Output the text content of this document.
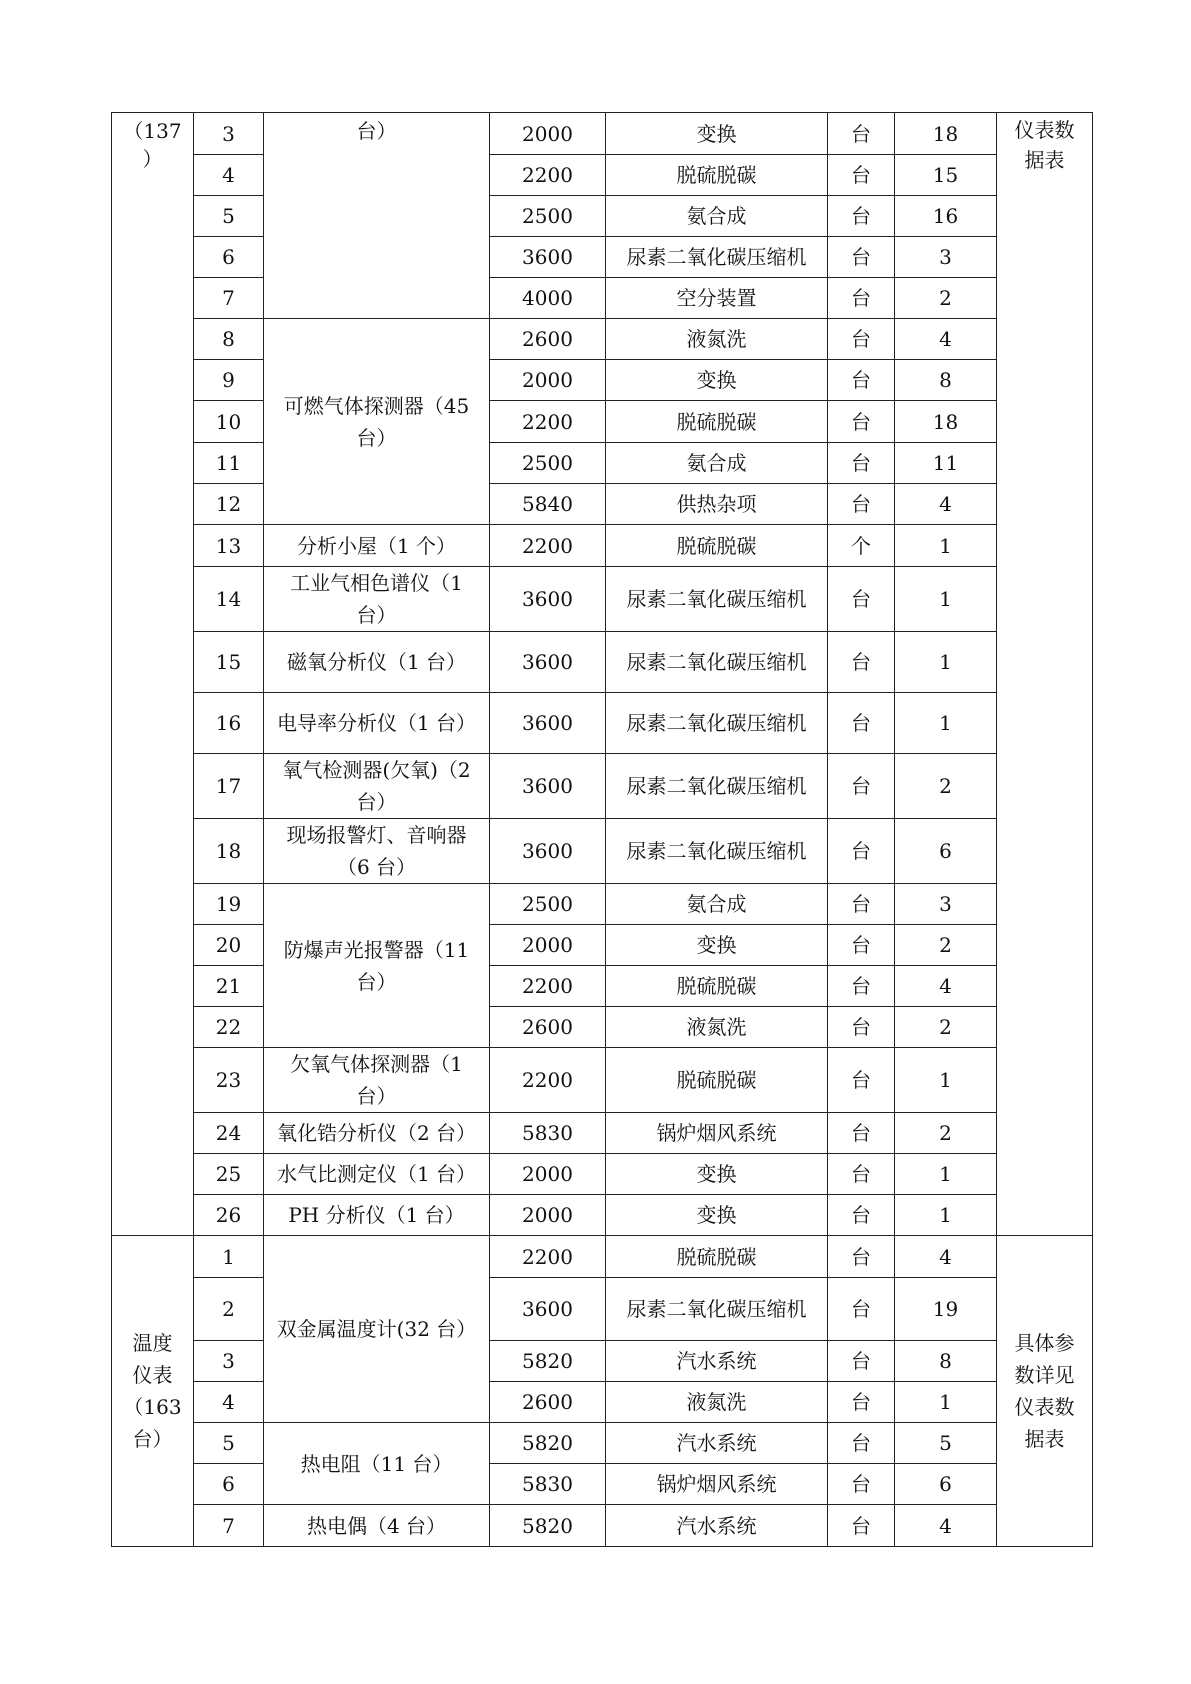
（137
）	3	台）	2000	变换	台	18	仪表数
据表
	4		2200	脱硫脱碳	台	15	
	5		2500	氨合成	台	16	
	6		3600	尿素二氧化碳压缩机	台	3	
	7		4000	空分装置	台	2	
	8	可燃气体探测器（45
台）	2600	液氮洗	台	4	
	9		2000	变换	台	8	
	10		2200	脱硫脱碳	台	18	
	11		2500	氨合成	台	11	
	12		5840	供热杂项	台	4	
	13	分析小屋（1 个）	2200	脱硫脱碳	个	1	
	14	工业气相色谱仪（1
台）	3600	尿素二氧化碳压缩机	台	1	
	15	磁氧分析仪（1 台）	3600	尿素二氧化碳压缩机	台	1	
	16	电导率分析仪（1 台）	3600	尿素二氧化碳压缩机	台	1	
	17	氧气检测器(欠氧)（2
台）	3600	尿素二氧化碳压缩机	台	2	
	18	现场报警灯、音响器
（6 台）	3600	尿素二氧化碳压缩机	台	6	
	19	防爆声光报警器（11
台）	2500	氨合成	台	3	
	20		2000	变换	台	2	
	21		2200	脱硫脱碳	台	4	
	22		2600	液氮洗	台	2	
	23	欠氧气体探测器（1
台）	2200	脱硫脱碳	台	1	
	24	氧化锆分析仪（2 台）	5830	锅炉烟风系统	台	2	
	25	水气比测定仪（1 台）	2000	变换	台	1	
	26	PH 分析仪（1 台）	2000	变换	台	1	
温度
仪表
（163
台）	1	双金属温度计(32 台）	2200	脱硫脱碳	台	4	具体参
数详见
仪表数
据表
	2		3600	尿素二氧化碳压缩机	台	19	
	3		5820	汽水系统	台	8	
	4		2600	液氮洗	台	1	
	5	热电阻（11 台）	5820	汽水系统	台	5	
	6		5830	锅炉烟风系统	台	6	
	7	热电偶（4 台）	5820	汽水系统	台	4	
